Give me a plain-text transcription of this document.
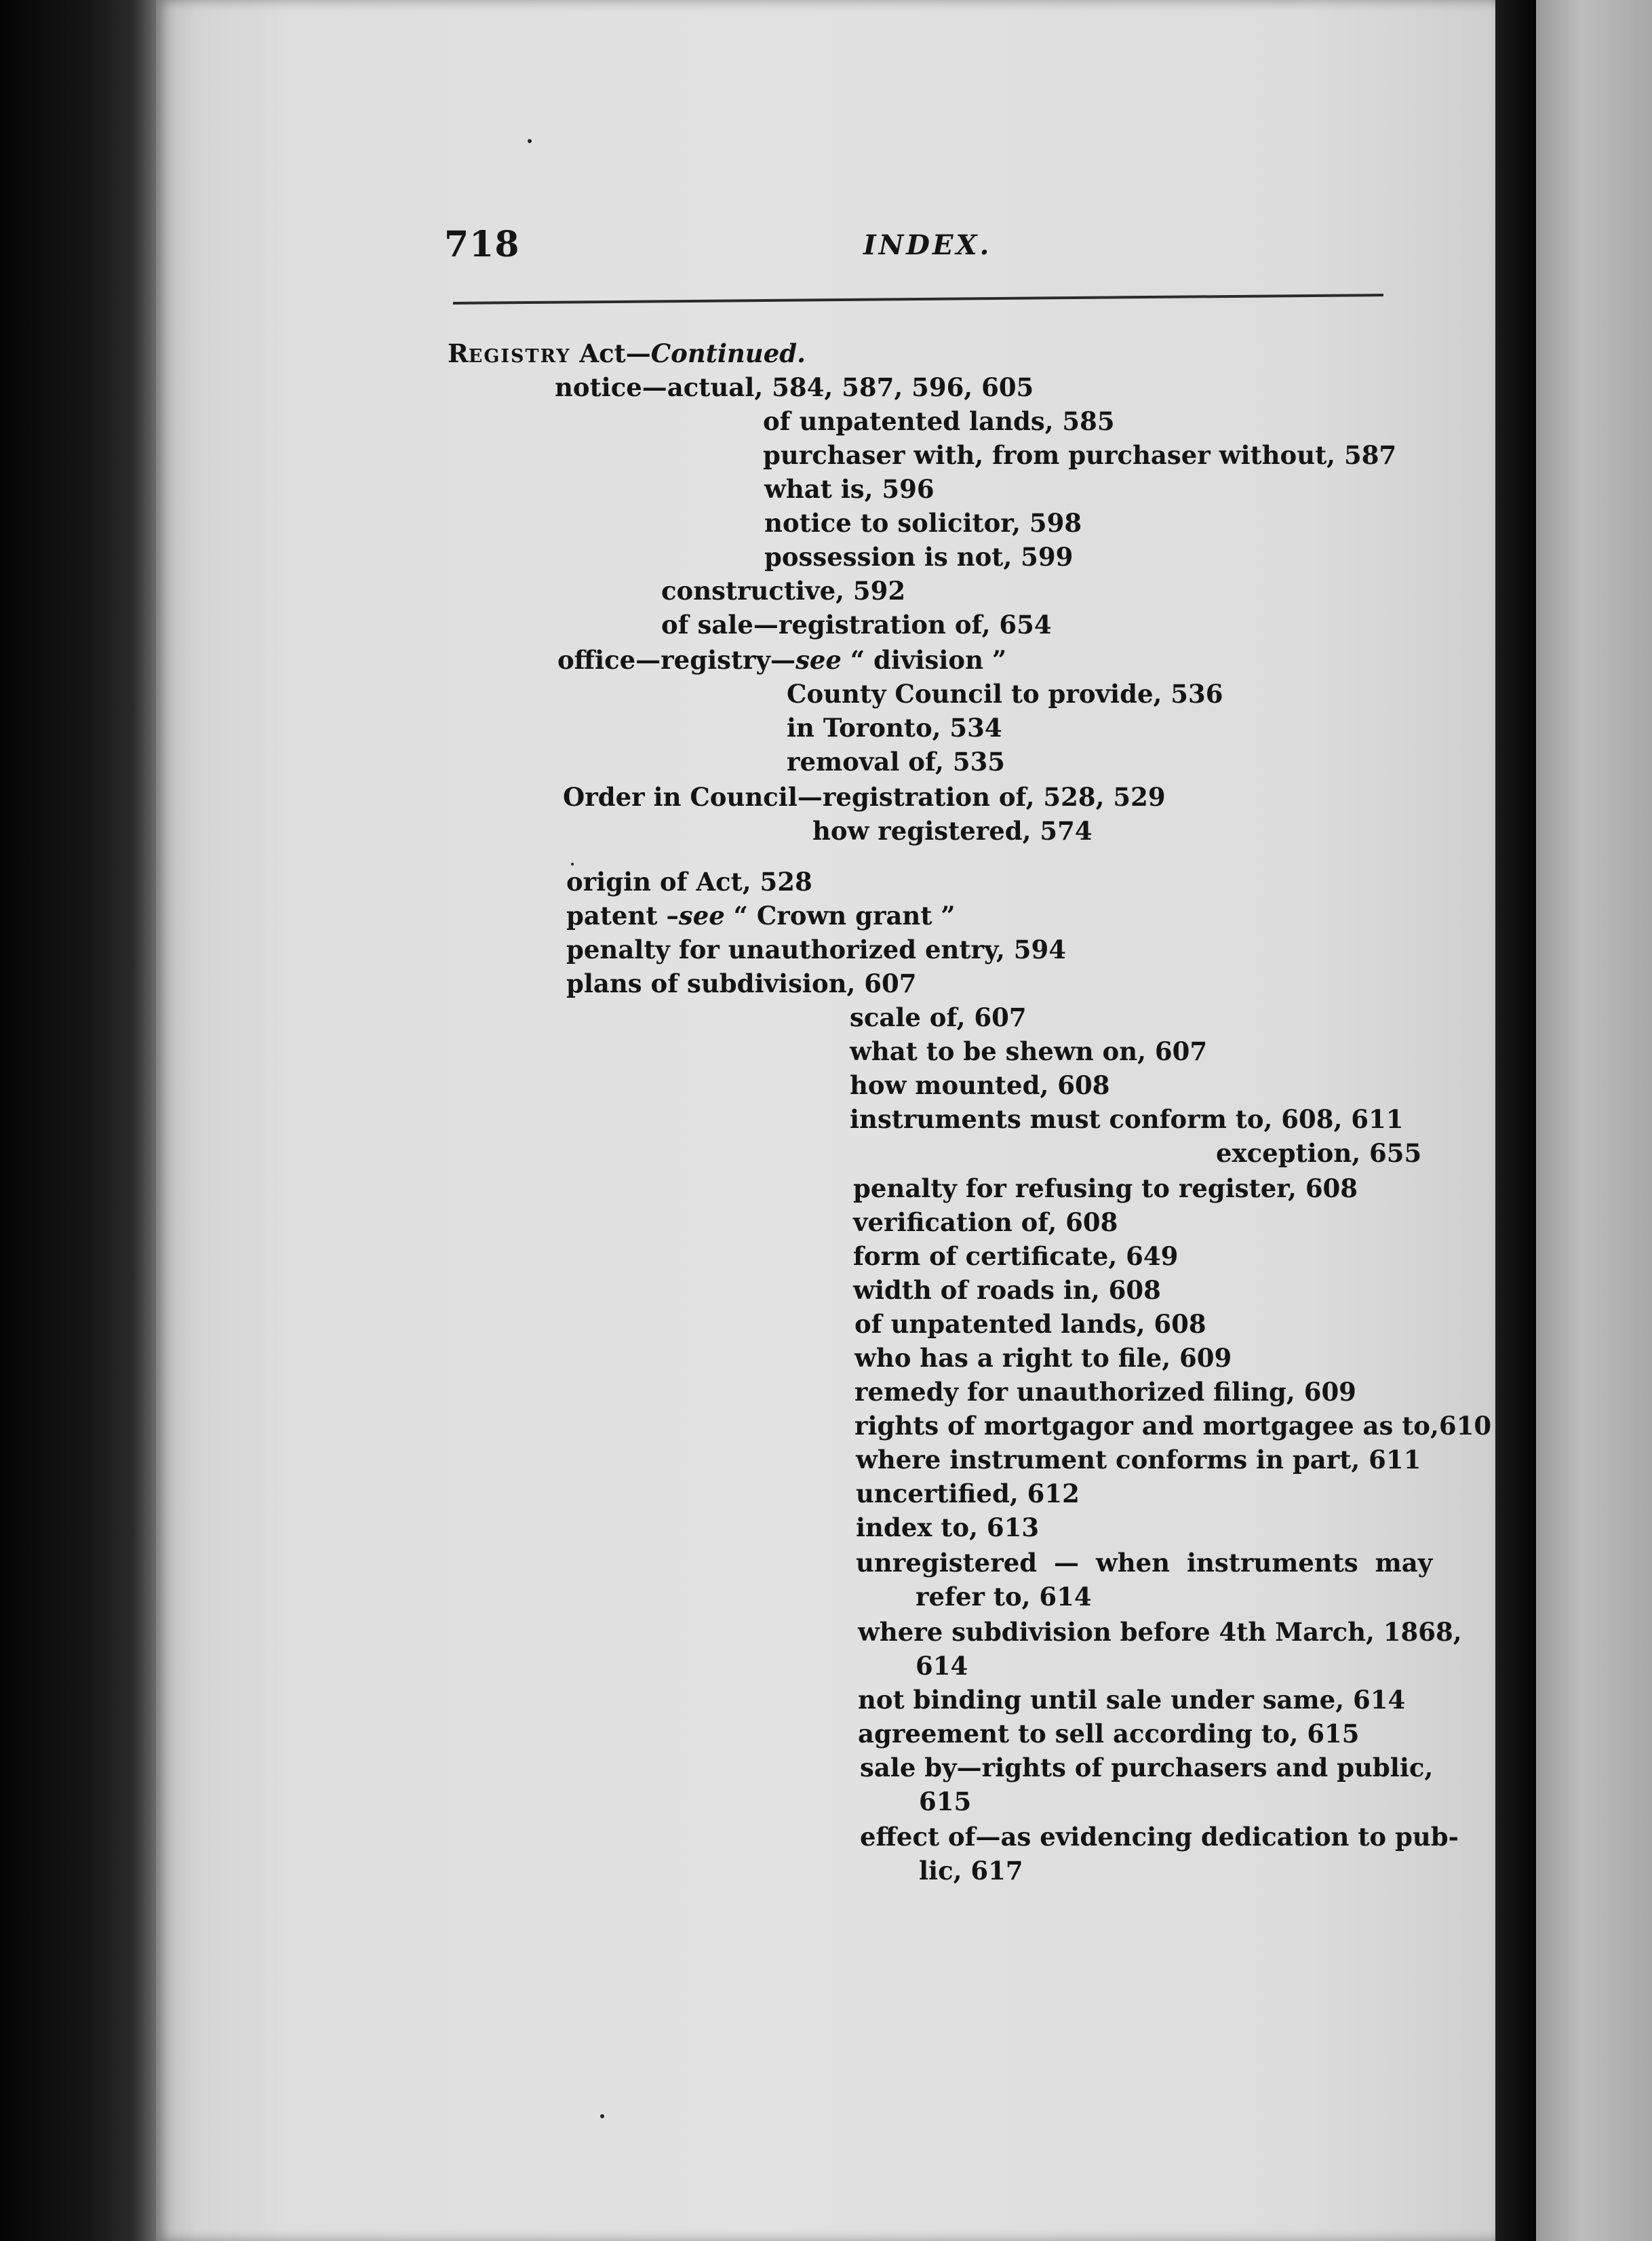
718	INDEX.
REGISTRY Act—Continued.
notice—actual, 584, 587, 596, 605
of unpatented lands, 585
purchaser with, from purchaser without, 587
what is, 596
notice to solicitor, 598
possession is not, 599
constructive, 592
of sale—registration of, 654
office—registry—see “ division ”
County Council to provide, 536
in Toronto, 534
removal of, 535
Order in Council—registration of, 528, 529
how registered, 574
origin of Act, 528
patent –see “ Crown grant ”
penalty for unauthorized entry, 594
plans of subdivision, 607
scale of, 607
what to be shewn on, 607
how mounted, 608
instruments must conform to, 608, 611
exception, 655
penalty for refusing to register, 608
verification of, 608
form of certificate, 649
width of roads in, 608
of unpatented lands, 608
who has a right to file, 609
remedy for unauthorized filing, 609
rights of mortgagor and mortgagee as to,610
where instrument conforms in part, 611
uncertified, 612
index to, 613
unregistered — when instruments may
refer to, 614
where subdivision before 4th March, 1868,
614
not binding until sale under same, 614
agreement to sell according to, 615
sale by—rights of purchasers and public,
615
effect of—as evidencing dedication to pub-
lic, 617
